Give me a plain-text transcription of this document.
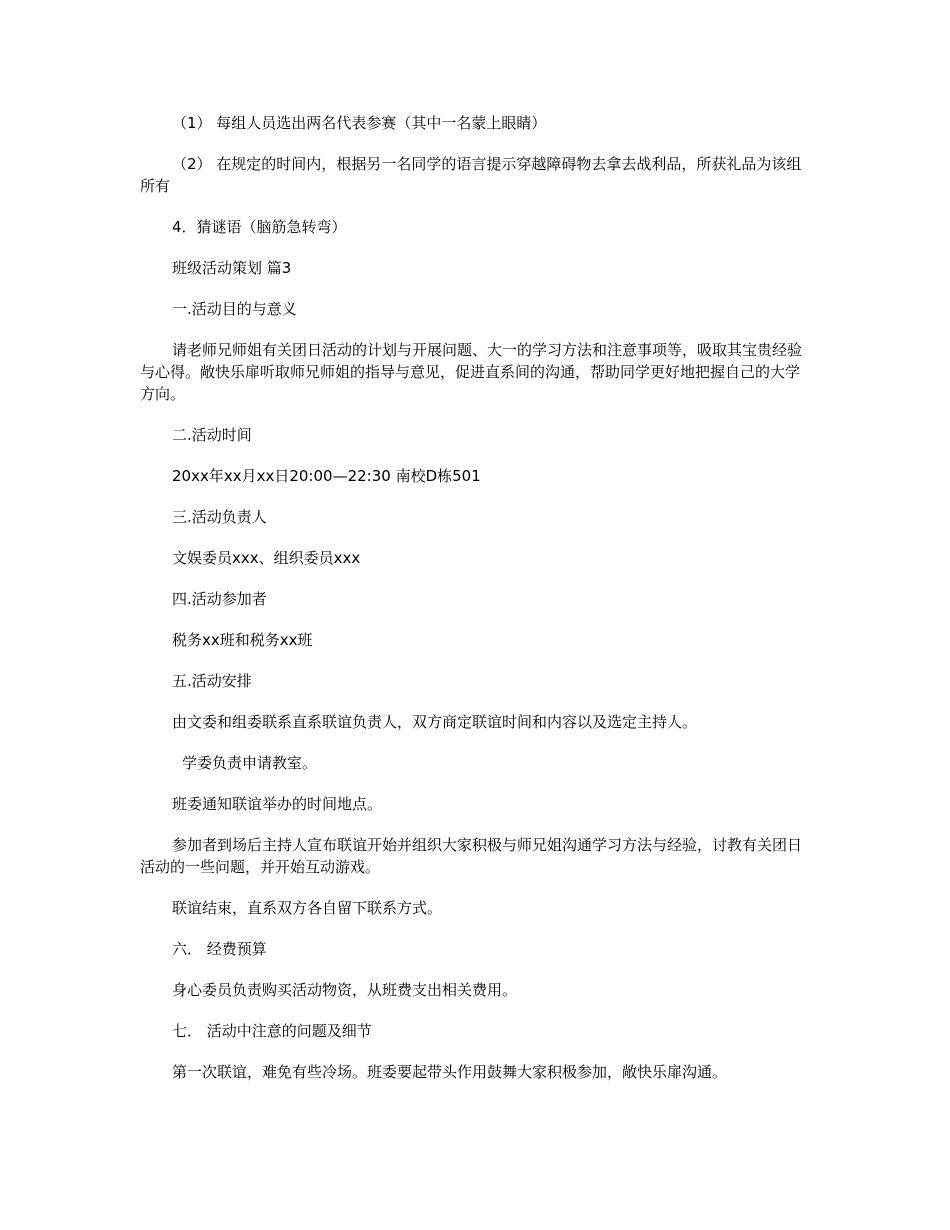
（1） 每组人员选出两名代表参赛（其中一名蒙上眼睛）

（2） 在规定的时间内，根据另一名同学的语言提示穿越障碍物去拿去战利品，所获礼品为该组所有

4．猜谜语（脑筋急转弯）

班级活动策划 篇3

一.活动目的与意义

请老师兄师姐有关团日活动的计划与开展问题、大一的学习方法和注意事项等，吸取其宝贵经验与心得。敞快乐扉听取师兄师姐的指导与意见，促进直系间的沟通，帮助同学更好地把握自己的大学方向。

二.活动时间

20xx年xx月xx日20:00—22:30 南校D栋501

三.活动负责人

文娱委员xxx、组织委员xxx

四.活动参加者

税务xx班和税务xx班

五.活动安排

由文委和组委联系直系联谊负责人，双方商定联谊时间和内容以及选定主持人。

学委负责申请教室。

班委通知联谊举办的时间地点。

参加者到场后主持人宣布联谊开始并组织大家积极与师兄姐沟通学习方法与经验，讨教有关团日活动的一些问题，并开始互动游戏。

联谊结束，直系双方各自留下联系方式。

六． 经费预算

身心委员负责购买活动物资，从班费支出相关费用。

七． 活动中注意的问题及细节

第一次联谊，难免有些冷场。班委要起带头作用鼓舞大家积极参加，敞快乐扉沟通。
